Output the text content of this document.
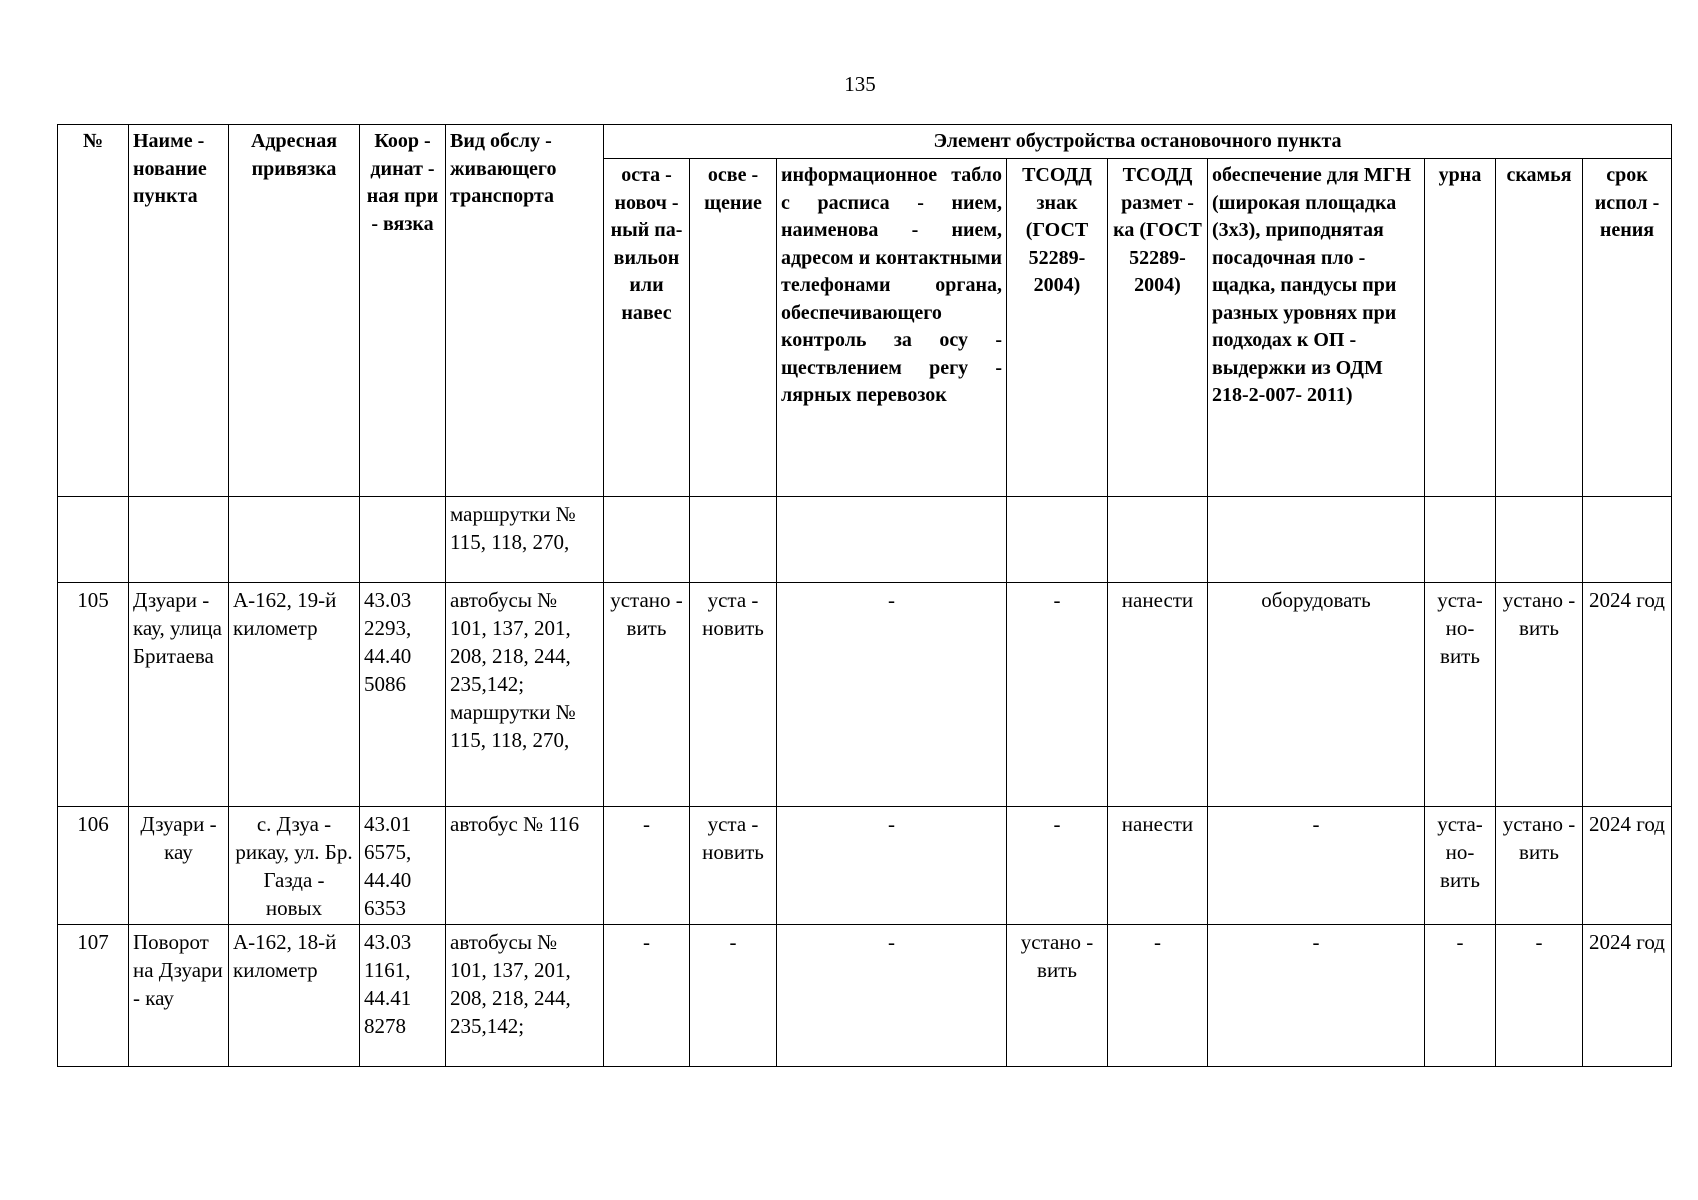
135
№	Наиме - нование пункта	Адресная привязка	Коор - динат - ная при - вязка	Вид обслу - живающего транспорта	Элемент обустройства остановочного пункта								
					оста - новоч - ный па- вильон или навес	осве - щение	информационное табло с расписа - нием, наименова - нием, адресом и контактными телефонами органа, обеспечивающего контроль за осу - ществлением регу - лярных перевозок	ТСОДД знак (ГОСТ 52289- 2004)	ТСОДД размет - ка (ГОСТ 52289- 2004)	обеспечение для МГН (широкая площадка (3х3), приподнятая посадочная пло - щадка, пандусы при разных уровнях при подходах к ОП - выдержки из ОДМ 218-2-007- 2011)	урна	скамья	срок испол - нения
				маршрутки № 115, 118, 270,									
105	Дзуари - кау, улица Бритаева	А-162, 19-й километр	43.03 2293, 44.40 5086	автобусы № 101, 137, 201, 208, 218, 244, 235,142; маршрутки № 115, 118, 270,	устано - вить	уста - новить	-	-	нанести	оборудовать	уста- но- вить	устано - вить	2024 год
106	Дзуари - кау	с. Дзуа - рикау, ул. Бр. Газда - новых	43.01 6575, 44.40 6353	автобус № 116	-	уста - новить	-	-	нанести	-	уста- но- вить	устано - вить	2024 год
107	Поворот на Дзуари - кау	А-162, 18-й километр	43.03 1161, 44.41 8278	автобусы № 101, 137, 201, 208, 218, 244, 235,142;	-	-	-	устано - вить	-	-	-	-	2024 год
